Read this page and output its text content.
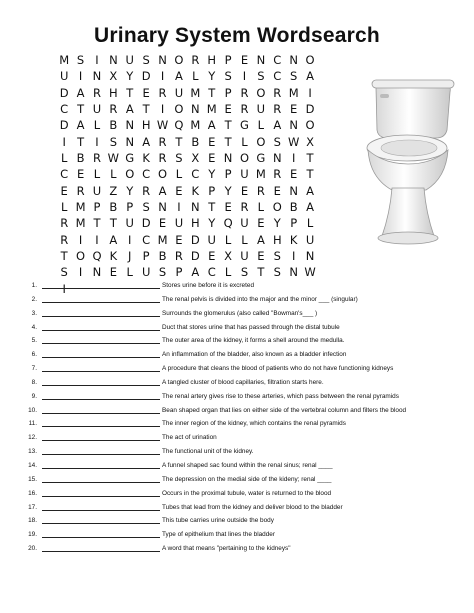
Urinary System Wordsearch
M S I N U S N O R H P E N C N O
U I N X Y D I A L Y S I S C S A
D A R H T E R U M T P R O R M I
C T U R A T I O N M E R U R E D
D A L B N H W Q M A T G L A N O
I T I S N A R T B E T L O S W X
L B R W G K R S X E N O G N I T
C E L L O C O L C Y P U M R E T
E R U Z Y R A E K P Y E R E N A
L M P B P S N I N T E R L O B A
R M T T U D E U H Y Q U E Y P L
R I	I A I C M E D U L L A H K U
T O Q K J P B R D E X U E S I N
S I N E L U S P A C L S T S N W
I
1.	Stores urine before it is excreted
2.	The renal pelvis is divided into the major and the minor ___ (singular)
3.	Surrounds the glomerulus (also called "Bowman's___ )
4.	Duct that stores urine that has passed through the distal tubule
5.	The outer area of the kidney, it forms a shell around the medulla.
6.	An inflammation of the bladder, also known as a bladder infection
7.	A procedure that cleans the blood of patients who do not have functioning kidneys
8.	A tangled cluster of blood capillaries, filtration starts here.
9.	The renal artery gives rise to these arteries, which pass between the renal pyramids
10.	Bean shaped organ that lies on either side of the vertebral column and filters the blood
11.	The inner region of the kidney, which contains the renal pyramids
12.	The act of urination
13.	The functional unit of the kidney.
14.	A funnel shaped sac found within the renal sinus; renal ____
15.	The depression on the medial side of the kideny; renal ____
16.	Occurs in the proximal tubule, water is returned to the blood
17.	Tubes that lead from the kidney and deliver blood to the bladder
18.	This tube carries urine outside the body
19.	Type of epithelium that lines the bladder
20.	A word that means "pertaining to the kidneys"
